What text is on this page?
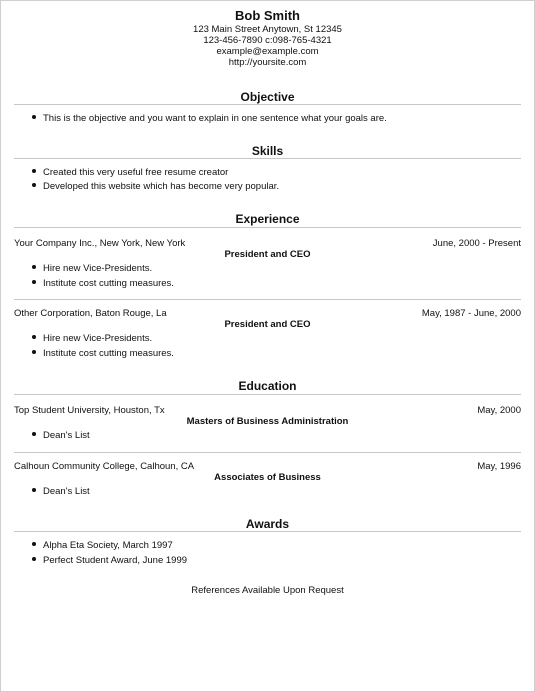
Bob Smith
123 Main Street Anytown, St 12345
123-456-7890 c:098-765-4321
example@example.com
http://yoursite.com
Objective
This is the objective and you want to explain in one sentence what your goals are.
Skills
Created this very useful free resume creator
Developed this website which has become very popular.
Experience
Your Company Inc., New York, New York	June, 2000 - Present
President and CEO
Hire new Vice-Presidents.
Institute cost cutting measures.
Other Corporation, Baton Rouge, La	May, 1987 - June, 2000
President and CEO
Hire new Vice-Presidents.
Institute cost cutting measures.
Education
Top Student University, Houston, Tx	May, 2000
Masters of Business Administration
Dean's List
Calhoun Community College, Calhoun, CA	May, 1996
Associates of Business
Dean's List
Awards
Alpha Eta Society, March 1997
Perfect Student Award, June 1999
References Available Upon Request
